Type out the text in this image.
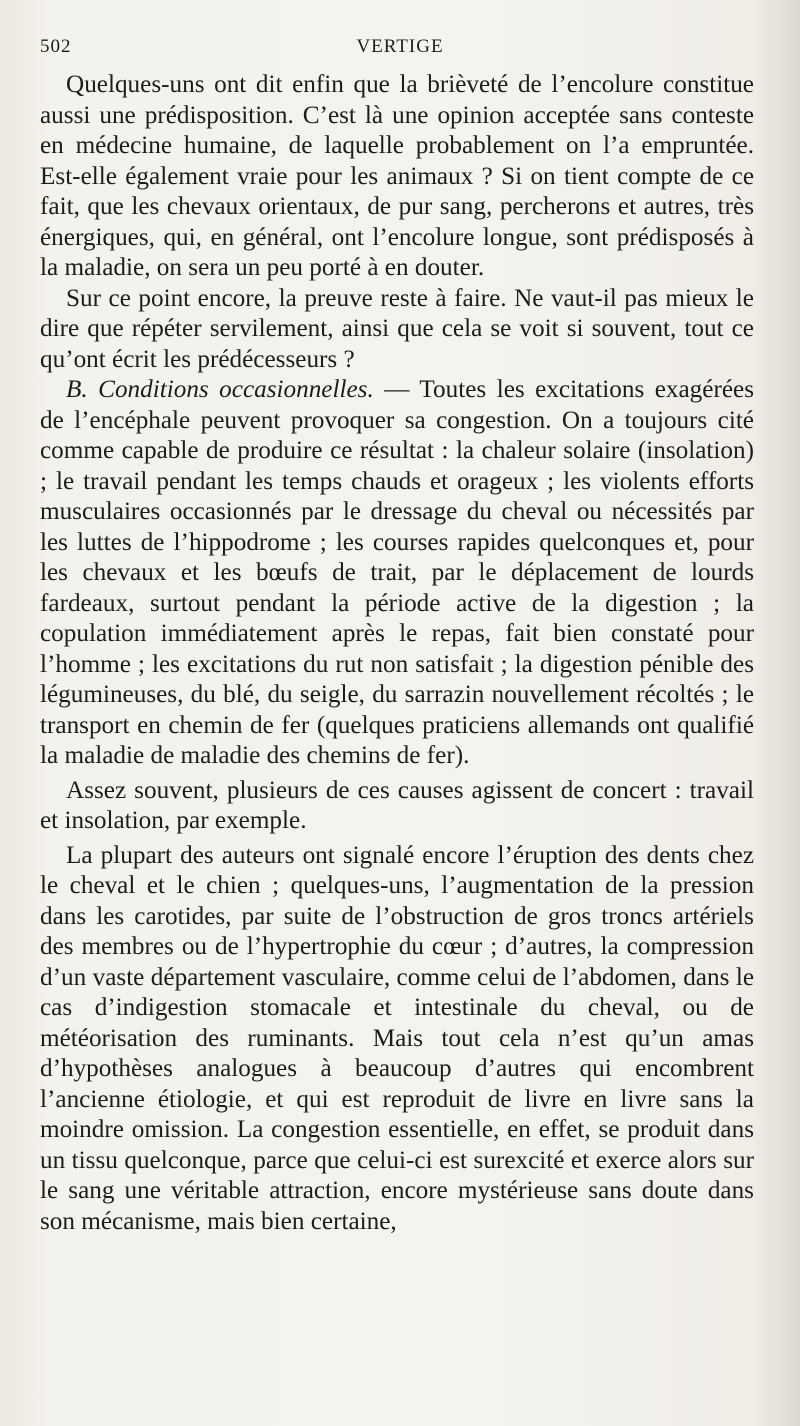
502	VERTIGE

Quelques-uns ont dit enfin que la brièveté de l’encolure constitue aussi une prédisposition. C’est là une opinion acceptée sans conteste en médecine humaine, de laquelle probablement on l’a empruntée. Est-elle également vraie pour les animaux ? Si on tient compte de ce fait, que les chevaux orientaux, de pur sang, percherons et autres, très énergiques, qui, en général, ont l’encolure longue, sont prédisposés à la maladie, on sera un peu porté à en douter.

Sur ce point encore, la preuve reste à faire. Ne vaut-il pas mieux le dire que répéter servilement, ainsi que cela se voit si souvent, tout ce qu’ont écrit les prédécesseurs ?

B. Conditions occasionnelles. — Toutes les excitations exagérées de l’encéphale peuvent provoquer sa congestion. On a toujours cité comme capable de produire ce résultat : la chaleur solaire (insolation) ; le travail pendant les temps chauds et orageux ; les violents efforts musculaires occasionnés par le dressage du cheval ou nécessités par les luttes de l’hippodrome ; les courses rapides quelconques et, pour les chevaux et les bœufs de trait, par le déplacement de lourds fardeaux, surtout pendant la période active de la digestion ; la copulation immédiatement après le repas, fait bien constaté pour l’homme ; les excitations du rut non satisfait ; la digestion pénible des légumineuses, du blé, du seigle, du sarrazin nouvellement récoltés ; le transport en chemin de fer (quelques praticiens allemands ont qualifié la maladie de maladie des chemins de fer).

Assez souvent, plusieurs de ces causes agissent de concert : travail et insolation, par exemple.

La plupart des auteurs ont signalé encore l’éruption des dents chez le cheval et le chien ; quelques-uns, l’augmentation de la pression dans les carotides, par suite de l’obstruction de gros troncs artériels des membres ou de l’hypertrophie du cœur ; d’autres, la compression d’un vaste département vasculaire, comme celui de l’abdomen, dans le cas d’indigestion stomacale et intestinale du cheval, ou de météorisation des ruminants. Mais tout cela n’est qu’un amas d’hypothèses analogues à beaucoup d’autres qui encombrent l’ancienne étiologie, et qui est reproduit de livre en livre sans la moindre omission. La congestion essentielle, en effet, se produit dans un tissu quelconque, parce que celui-ci est surexcité et exerce alors sur le sang une véritable attraction, encore mystérieuse sans doute dans son mécanisme, mais bien certaine,
